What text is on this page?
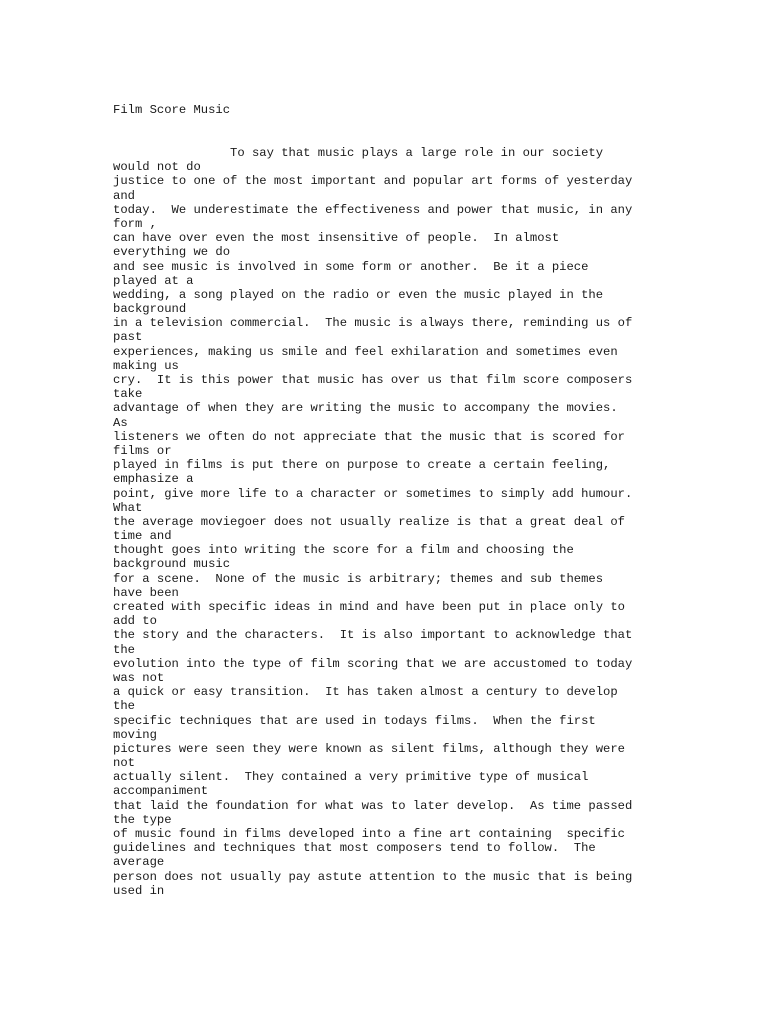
Film Score Music
To say that music plays a large role in our society
would not do
justice to one of the most important and popular art forms of yesterday
and
today.  We underestimate the effectiveness and power that music, in any
form ,
can have over even the most insensitive of people.  In almost
everything we do
and see music is involved in some form or another.  Be it a piece
played at a
wedding, a song played on the radio or even the music played in the
background
in a television commercial.  The music is always there, reminding us of
past
experiences, making us smile and feel exhilaration and sometimes even
making us
cry.  It is this power that music has over us that film score composers
take
advantage of when they are writing the music to accompany the movies.
As
listeners we often do not appreciate that the music that is scored for
films or
played in films is put there on purpose to create a certain feeling,
emphasize a
point, give more life to a character or sometimes to simply add humour.
What
the average moviegoer does not usually realize is that a great deal of
time and
thought goes into writing the score for a film and choosing the
background music
for a scene.  None of the music is arbitrary; themes and sub themes
have been
created with specific ideas in mind and have been put in place only to
add to
the story and the characters.  It is also important to acknowledge that
the
evolution into the type of film scoring that we are accustomed to today
was not
a quick or easy transition.  It has taken almost a century to develop
the
specific techniques that are used in todays films.  When the first
moving
pictures were seen they were known as silent films, although they were
not
actually silent.  They contained a very primitive type of musical
accompaniment
that laid the foundation for what was to later develop.  As time passed
the type
of music found in films developed into a fine art containing  specific
guidelines and techniques that most composers tend to follow.  The
average
person does not usually pay astute attention to the music that is being
used in
